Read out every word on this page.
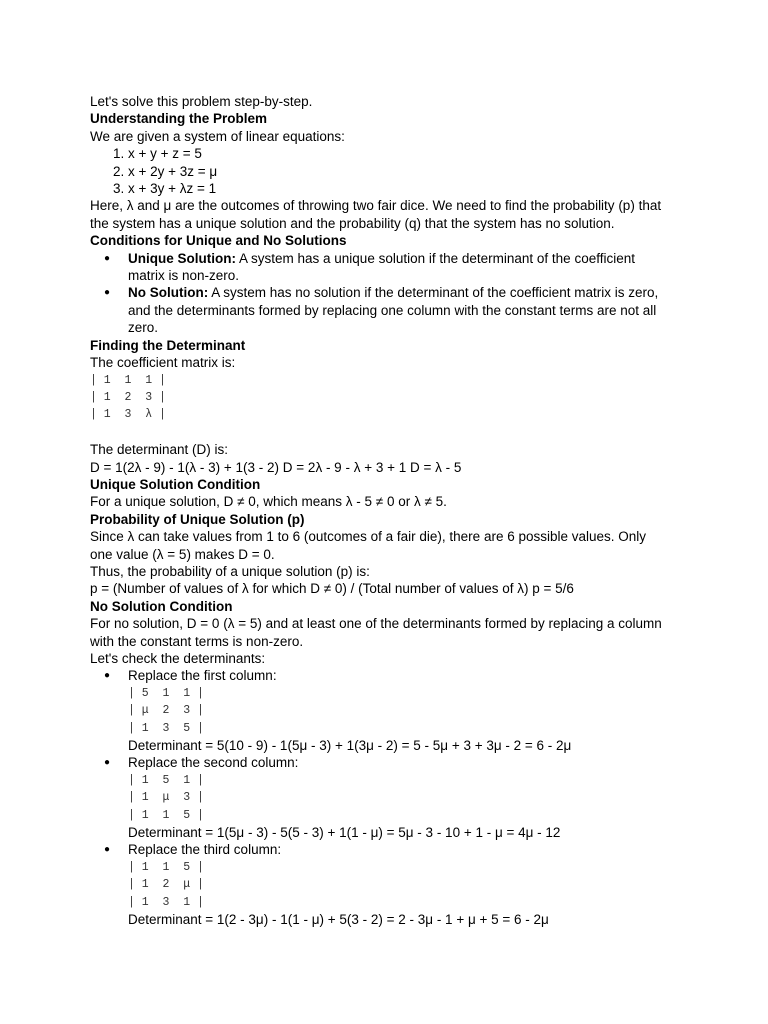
Let's solve this problem step-by-step.
Understanding the Problem
We are given a system of linear equations:
1. x + y + z = 5
2. x + 2y + 3z = μ
3. x + 3y + λz = 1
Here, λ and μ are the outcomes of throwing two fair dice. We need to find the probability (p) that
the system has a unique solution and the probability (q) that the system has no solution.
Conditions for Unique and No Solutions
● Unique Solution: A system has a unique solution if the determinant of the coefficient
matrix is non-zero.
● No Solution: A system has no solution if the determinant of the coefficient matrix is zero,
and the determinants formed by replacing one column with the constant terms are not all
zero.
Finding the Determinant
The coefficient matrix is:
| 1  1  1 |
| 1  2  3 |
| 1  3  λ |
The determinant (D) is:
D = 1(2λ - 9) - 1(λ - 3) + 1(3 - 2) D = 2λ - 9 - λ + 3 + 1 D = λ - 5
Unique Solution Condition
For a unique solution, D ≠ 0, which means λ - 5 ≠ 0 or λ ≠ 5.
Probability of Unique Solution (p)
Since λ can take values from 1 to 6 (outcomes of a fair die), there are 6 possible values. Only
one value (λ = 5) makes D = 0.
Thus, the probability of a unique solution (p) is:
p = (Number of values of λ for which D ≠ 0) / (Total number of values of λ) p = 5/6
No Solution Condition
For no solution, D = 0 (λ = 5) and at least one of the determinants formed by replacing a column
with the constant terms is non-zero.
Let's check the determinants:
● Replace the first column:
| 5  1  1 |
| μ  2  3 |
| 1  3  5 |
Determinant = 5(10 - 9) - 1(5μ - 3) + 1(3μ - 2) = 5 - 5μ + 3 + 3μ - 2 = 6 - 2μ
● Replace the second column:
| 1  5  1 |
| 1  μ  3 |
| 1  1  5 |
Determinant = 1(5μ - 3) - 5(5 - 3) + 1(1 - μ) = 5μ - 3 - 10 + 1 - μ = 4μ - 12
● Replace the third column:
| 1  1  5 |
| 1  2  μ |
| 1  3  1 |
Determinant = 1(2 - 3μ) - 1(1 - μ) + 5(3 - 2) = 2 - 3μ - 1 + μ + 5 = 6 - 2μ
